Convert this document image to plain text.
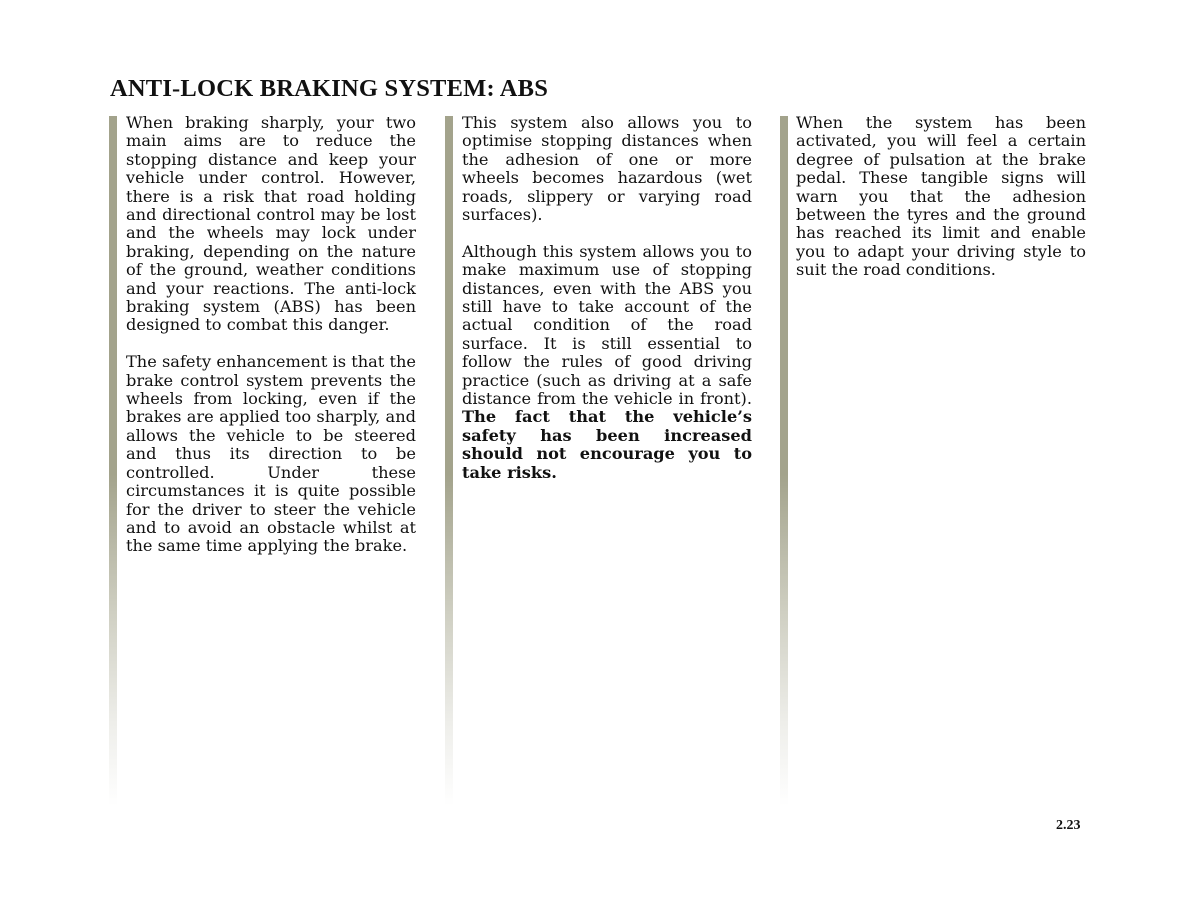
ANTI-LOCK BRAKING SYSTEM: ABS

When braking sharply, your two main aims are to reduce the stopping distance and keep your vehicle under control. However, there is a risk that road holding and directional control may be lost and the wheels may lock under braking, depending on the nature of the ground, weather conditions and your reactions. The anti-lock braking system (ABS) has been designed to combat this danger.

The safety enhancement is that the brake control system prevents the wheels from locking, even if the brakes are applied too sharply, and allows the vehicle to be steered and thus its direction to be controlled. Under these circumstances it is quite possible for the driver to steer the vehicle and to avoid an obstacle whilst at the same time applying the brake.

This system also allows you to optimise stopping distances when the adhesion of one or more wheels becomes hazardous (wet roads, slippery or varying road surfaces).

Although this system allows you to make maximum use of stopping distances, even with the ABS you still have to take account of the actual condition of the road surface. It is still essential to follow the rules of good driving practice (such as driving at a safe distance from the vehicle in front). The fact that the vehicle’s safety has been increased should not encourage you to take risks.

When the system has been activated, you will feel a certain degree of pulsation at the brake pedal. These tangible signs will warn you that the adhesion between the tyres and the ground has reached its limit and enable you to adapt your driving style to suit the road conditions.

2.23
